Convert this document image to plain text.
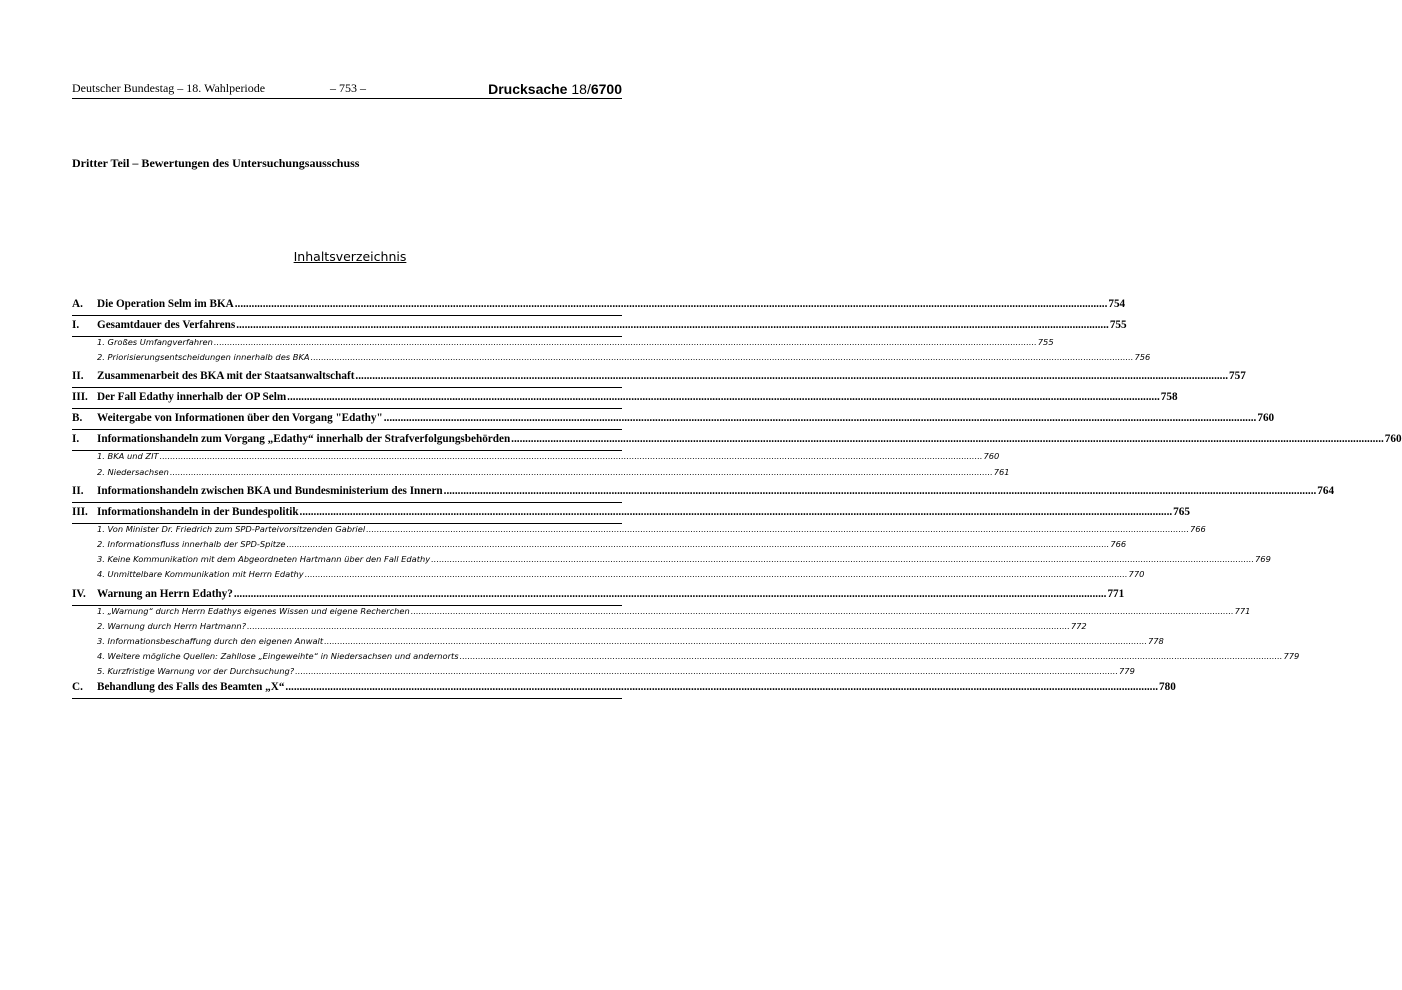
Deutscher Bundestag – 18. Wahlperiode	– 753 –	Drucksache 18/6700
Dritter Teil – Bewertungen des Untersuchungsausschuss
Inhaltsverzeichnis
A.	Die Operation Selm im BKA .....	754
I.	Gesamtdauer des Verfahrens .....	755
1. Großes Umfangverfahren .....	755
2. Priorisierungsentscheidungen innerhalb des BKA .....	756
II.	Zusammenarbeit des BKA mit der Staatsanwaltschaft .....	757
III. Der Fall Edathy innerhalb der OP Selm .....	758
B.	Weitergabe von Informationen über den Vorgang "Edathy" .....	760
I.	Informationshandeln zum Vorgang „Edathy“ innerhalb der Strafverfolgungsbehörden .....	760
1. BKA und ZIT .....	760
2. Niedersachsen .....	761
II.	Informationshandeln zwischen BKA und Bundesministerium des Innern .....	764
III. Informationshandeln in der Bundespolitik .....	765
1. Von Minister Dr. Friedrich zum SPD-Parteivorsitzenden Gabriel .....	766
2. Informationsfluss innerhalb der SPD-Spitze .....	766
3. Keine Kommunikation mit dem Abgeordneten Hartmann über den Fall Edathy .....	769
4. Unmittelbare Kommunikation mit Herrn Edathy .....	770
IV.	Warnung an Herrn Edathy? .....	771
1. „Warnung“ durch Herrn Edathys eigenes Wissen und eigene Recherchen .....	771
2. Warnung durch Herrn Hartmann? .....	772
3. Informationsbeschaffung durch den eigenen Anwalt .....	778
4. Weitere mögliche Quellen: Zahllose „Eingeweihte“ in Niedersachsen und andernorts .....	779
5. Kurzfristige Warnung vor der Durchsuchung? .....	779
C.	Behandlung des Falls des Beamten „X“ .....	780
